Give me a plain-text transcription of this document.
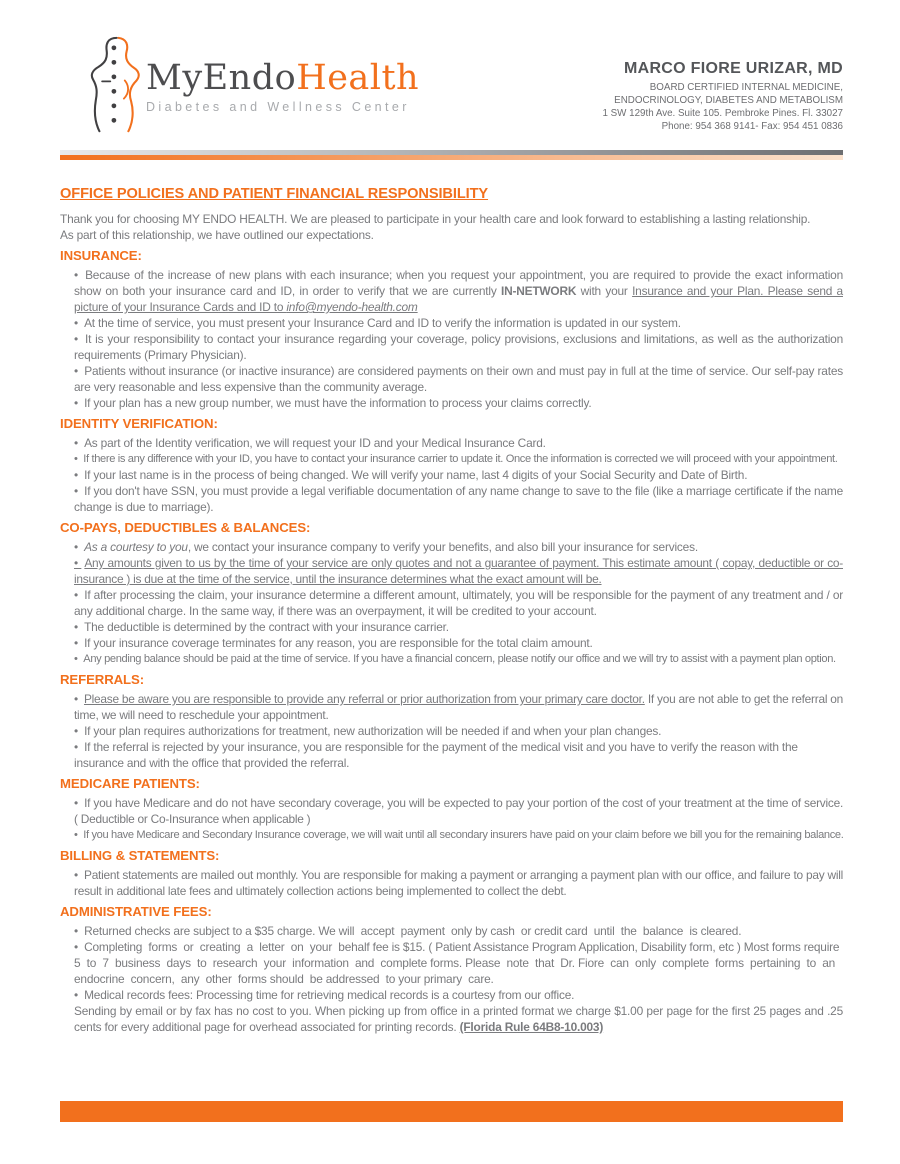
MyEndoHealth
Diabetes and Wellness Center
MARCO FIORE URIZAR, MD
BOARD CERTIFIED INTERNAL MEDICINE,
ENDOCRINOLOGY, DIABETES AND METABOLISM
1 SW 129th Ave. Suite 105. Pembroke Pines. Fl. 33027
Phone: 954 368 9141- Fax: 954 451 0836
OFFICE POLICIES AND PATIENT FINANCIAL RESPONSIBILITY

Thank you for choosing MY ENDO HEALTH. We are pleased to participate in your health care and look forward to establishing a lasting relationship.
As part of this relationship, we have outlined our expectations.

INSURANCE:

• Because of the increase of new plans with each insurance; when you request your appointment, you are required to provide the exact information show on both your insurance card and ID, in order to verify that we are currently IN-NETWORK with your Insurance and your Plan. Please send a picture of your Insurance Cards and ID to info@myendo-health.com

• At the time of service, you must present your Insurance Card and ID to verify the information is updated in our system.

• It is your responsibility to contact your insurance regarding your coverage, policy provisions, exclusions and limitations, as well as the authorization requirements (Primary Physician).

• Patients without insurance (or inactive insurance) are considered payments on their own and must pay in full at the time of service. Our self-pay rates are very reasonable and less expensive than the community average.

• If your plan has a new group number, we must have the information to process your claims correctly.

IDENTITY VERIFICATION:

• As part of the Identity verification, we will request your ID and your Medical Insurance Card.

• If there is any difference with your ID, you have to contact your insurance carrier to update it. Once the information is corrected we will proceed with your appointment.

• If your last name is in the process of being changed. We will verify your name, last 4 digits of your Social Security and Date of Birth.

• If you don't have SSN, you must provide a legal verifiable documentation of any name change to save to the file (like a marriage certificate if the name change is due to marriage).

CO-PAYS, DEDUCTIBLES & BALANCES:

• As a courtesy to you, we contact your insurance company to verify your benefits, and also bill your insurance for services.

• Any amounts given to us by the time of your service are only quotes and not a guarantee of payment. This estimate amount ( copay, deductible or co-insurance ) is due at the time of the service, until the insurance determines what the exact amount will be.

• If after processing the claim, your insurance determine a different amount, ultimately, you will be responsible for the payment of any treatment and / or any additional charge. In the same way, if there was an overpayment, it will be credited to your account.

• The deductible is determined by the contract with your insurance carrier.

• If your insurance coverage terminates for any reason, you are responsible for the total claim amount.

• Any pending balance should be paid at the time of service. If you have a financial concern, please notify our office and we will try to assist with a payment plan option.

REFERRALS:

• Please be aware you are responsible to provide any referral or prior authorization from your primary care doctor. If you are not able to get the referral on time, we will need to reschedule your appointment.

• If your plan requires authorizations for treatment, new authorization will be needed if and when your plan changes.

• If the referral is rejected by your insurance, you are responsible for the payment of the medical visit and you have to verify the reason with the insurance and with the office that provided the referral.

MEDICARE PATIENTS:

• If you have Medicare and do not have secondary coverage, you will be expected to pay your portion of the cost of your treatment at the time of service. ( Deductible or Co-Insurance when applicable )

• If you have Medicare and Secondary Insurance coverage, we will wait until all secondary insurers have paid on your claim before we bill you for the remaining balance.

BILLING & STATEMENTS:

• Patient statements are mailed out monthly. You are responsible for making a payment or arranging a payment plan with our office, and failure to pay will result in additional late fees and ultimately collection actions being implemented to collect the debt.

ADMINISTRATIVE FEES:

• Returned checks are subject to a $35 charge. We will  accept  payment  only by cash  or credit card  until  the  balance  is cleared.

• Completing  forms  or  creating  a  letter  on  your  behalf fee is $15. ( Patient Assistance Program Application, Disability form, etc ) Most forms require 5  to  7  business  days  to  research  your  information  and  complete forms. Please  note  that  Dr. Fiore  can  only  complete  forms  pertaining  to  an endocrine  concern,  any  other  forms should  be addressed  to your primary  care.

• Medical records fees: Processing time for retrieving medical records is a courtesy from our office.

Sending by email or by fax has no cost to you. When picking up from office in a printed format we charge $1.00 per page for the first 25 pages and .25 cents for every additional page for overhead associated for printing records. (Florida Rule 64B8-10.003)
